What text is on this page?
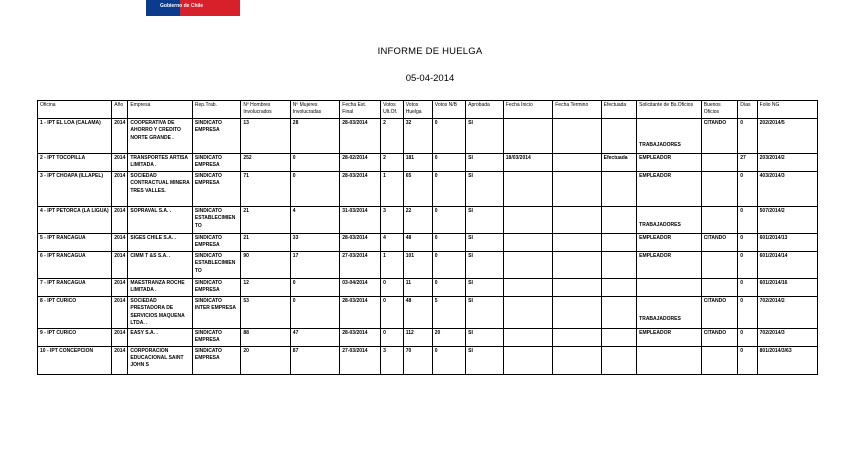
Gobierno de Chile
INFORME DE HUELGA
05-04-2014
Oficina	Año	Empresa	Rep.Trab.	Nº Hombres Involucrados	Nº Mujeres Involucradas	Fecha Est. Final	Votos Ult.Of.	Votos Huelga	Votos N/B	Aprobada	Fecha Inicio	Fecha Termino	Efectuada	Solicitante de Bs.Oficios	Buenos Oficios	Días	Folio NG
1 - IPT EL LOA (CALAMA)	2014	COOPERATIVA DE AHORRO Y CREDITO NORTE GRANDE .	SINDICATO EMPRESA	13	28	28-03/2014	2	32	0	SI				TRABAJADORES	CITANDO	0	202/2014/5
2 - IPT TOCOPILLA	2014	TRANSPORTES ARTISA LIMITADA .	SINDICATO EMPRESA	252	0	28-02/2014	2	181	0	SI	18/03/2014		Efectuada	EMPLEADOR		27	203/2014/2
3 - IPT CHOAPA (ILLAPEL)	2014	SOCIEDAD CONTRACTUAL MINERA TRES VALLES.	SINDICATO EMPRESA	71	0	28-03/2014	1	65	0	SI				EMPLEADOR		0	403/2014/3
4 - IPT PETORCA (LA LIGUA)	2014	SOPRAVAL S.A. .	SINDICATO ESTABLECIMIENTO	21	4	31-03/2014	3	22	0	SI				TRABAJADORES		0	507/2014/2
5 - IPT RANCAGUA	2014	SIGES CHILE S.A. .	SINDICATO EMPRESA	21	33	28-03/2014	4	48	0	SI				EMPLEADOR	CITANDO	0	601/2014/13
6 - IPT RANCAGUA	2014	CIMM T &S S.A. .	SINDICATO ESTABLECIMIENTO	90	17	27-03/2014	1	101	0	SI				EMPLEADOR		0	601/2014/14
7 - IPT RANCAGUA	2014	MAESTRANZA ROCHE LIMITADA .	SINDICATO EMPRESA	12	0	03-04/2014	0	11	0	SI						0	601/2014/16
8 - IPT CURICO	2014	SOCIEDAD PRESTADORA DE SERVICIOS MAQUENA LTDA. .	SINDICATO INTER EMPRESA	53	0	28-03/2014	0	48	5	SI				TRABAJADORES	CITANDO	0	702/2014/2
9 - IPT CURICO	2014	EASY S.A. .	SINDICATO EMPRESA	88	47	28-03/2014	0	112	20	SI				EMPLEADOR	CITANDO	0	702/2014/3
10 - IPT CONCEPCION	2014	CORPORACION EDUCACIONAL SAINT JOHN S	SINDICATO EMPRESA	20	87	27-03/2014	3	70	0	SI						0	801/2014/3/63
